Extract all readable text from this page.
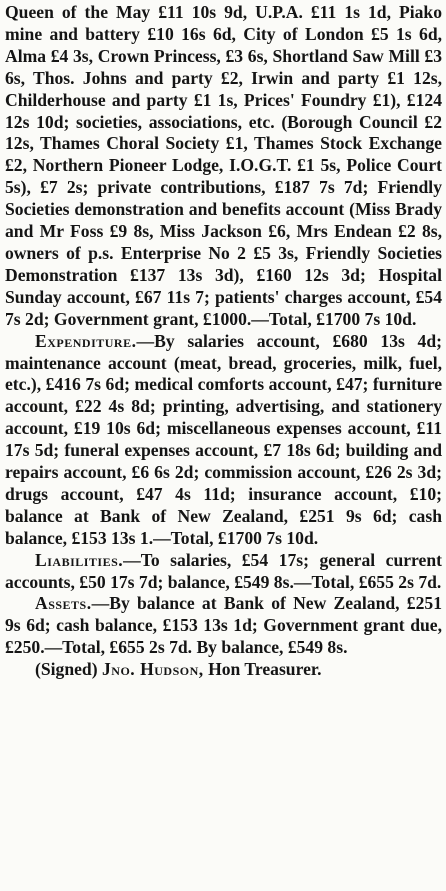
Queen of the May £11 10s 9d, U.P.A. £11 1s 1d, Piako mine and battery £10 16s 6d, City of London £5 1s 6d, Alma £4 3s, Crown Princess, £3 6s, Shortland Saw Mill £3 6s, Thos. Johns and party £2, Irwin and party £1 12s, Childerhouse and party £1 1s, Prices' Foundry £1), £124 12s 10d; societies, associations, etc. (Borough Council £2 12s, Thames Choral Society £1, Thames Stock Exchange £2, Northern Pioneer Lodge, I.O.G.T. £1 5s, Police Court 5s), £7 2s; private contributions, £187 7s 7d; Friendly Societies demonstration and benefits account (Miss Brady and Mr Foss £9 8s, Miss Jackson £6, Mrs Endean £2 8s, owners of p.s. Enterprise No 2 £5 3s, Friendly Societies Demonstration £137 13s 3d), £160 12s 3d; Hospital Sunday account, £67 11s 7; patients' charges account, £54 7s 2d; Government grant, £1000.—Total, £1700 7s 10d.

Expenditure.—By salaries account, £680 13s 4d; maintenance account (meat, bread, groceries, milk, fuel, etc.), £416 7s 6d; medical comforts account, £47; furniture account, £22 4s 8d; printing, advertising, and stationery account, £19 10s 6d; miscellaneous expenses account, £11 17s 5d; funeral expenses account, £7 18s 6d; building and repairs account, £6 6s 2d; commission account, £26 2s 3d; drugs account, £47 4s 11d; insurance account, £10; balance at Bank of New Zealand, £251 9s 6d; cash balance, £153 13s 1.—Total, £1700 7s 10d.

Liabilities.—To salaries, £54 17s; general current accounts, £50 17s 7d; balance, £549 8s.—Total, £655 2s 7d.

Assets.—By balance at Bank of New Zealand, £251 9s 6d; cash balance, £153 13s 1d; Government grant due, £250.—Total, £655 2s 7d. By balance, £549 8s.

(Signed) Jno. Hudson, Hon Treasurer.
